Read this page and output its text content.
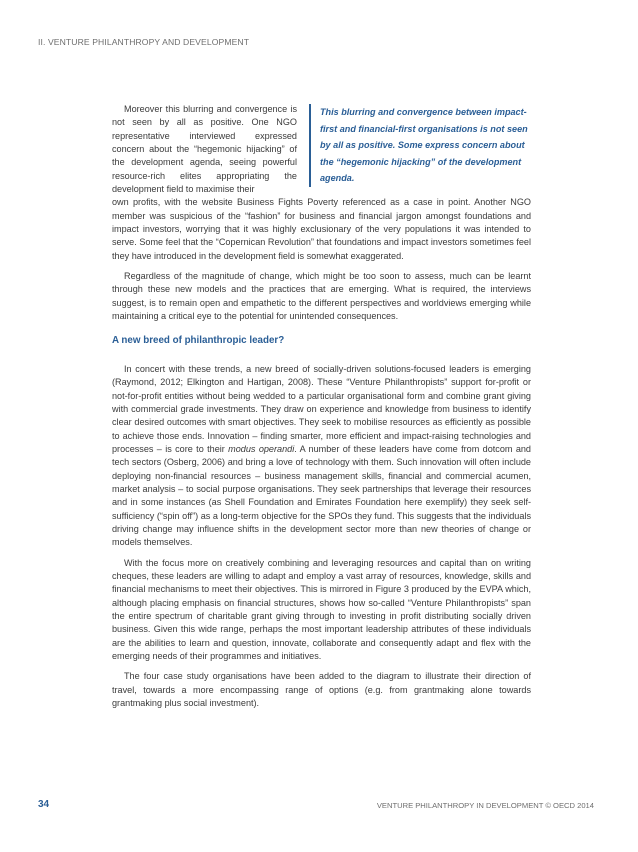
II. VENTURE PHILANTHROPY AND DEVELOPMENT
This blurring and convergence between impact-first and financial-first organisations is not seen by all as positive. Some express concern about the “hegemonic hijacking” of the development agenda.

Moreover this blurring and convergence is not seen by all as positive. One NGO representative interviewed expressed concern about the “hegemonic hijacking” of the development agenda, seeing powerful resource-rich elites appropriating the development field to maximise their

own profits, with the website Business Fights Poverty referenced as a case in point. Another NGO member was suspicious of the “fashion” for business and financial jargon amongst foundations and impact investors, worrying that it was highly exclusionary of the very populations it was intended to serve. Some feel that the “Copernican Revolution” that foundations and impact investors sometimes feel they have introduced in the development field is somewhat exaggerated.

Regardless of the magnitude of change, which might be too soon to assess, much can be learnt through these new models and the practices that are emerging. What is required, the interviews suggest, is to remain open and empathetic to the different perspectives and worldviews emerging while maintaining a critical eye to the potential for unintended consequences.

A new breed of philanthropic leader?

In concert with these trends, a new breed of socially-driven solutions-focused leaders is emerging (Raymond, 2012; Elkington and Hartigan, 2008). These “Venture Philanthropists” support for-profit or not-for-profit entities without being wedded to a particular organisational form and combine grant giving with commercial grade investments. They draw on experience and knowledge from business to identify clear desired outcomes with smart objectives. They seek to mobilise resources as efficiently as possible to achieve those ends. Innovation – finding smarter, more efficient and impact-raising technologies and processes – is core to their modus operandi. A number of these leaders have come from dotcom and tech sectors (Osberg, 2006) and bring a love of technology with them. Such innovation will often include deploying non-financial resources – business management skills, financial and commercial acumen, market analysis – to social purpose organisations. They seek partnerships that leverage their resources and in some instances (as Shell Foundation and Emirates Foundation here exemplify) they seek self-sufficiency (“spin off”) as a long-term objective for the SPOs they fund. This suggests that the individuals driving change may influence shifts in the development sector more than new theories of change or models themselves.

With the focus more on creatively combining and leveraging resources and capital than on writing cheques, these leaders are willing to adapt and employ a vast array of resources, knowledge, skills and financial mechanisms to meet their objectives. This is mirrored in Figure 3 produced by the EVPA which, although placing emphasis on financial structures, shows how so-called “Venture Philanthropists” span the entire spectrum of charitable grant giving through to investing in profit distributing socially driven business. Given this wide range, perhaps the most important leadership attributes of these individuals are the abilities to learn and question, innovate, collaborate and consequently adapt and flex with the emerging needs of their programmes and initiatives.

The four case study organisations have been added to the diagram to illustrate their direction of travel, towards a more encompassing range of options (e.g. from grantmaking alone towards grantmaking plus social investment).

34	VENTURE PHILANTHROPY IN DEVELOPMENT © OECD 2014
